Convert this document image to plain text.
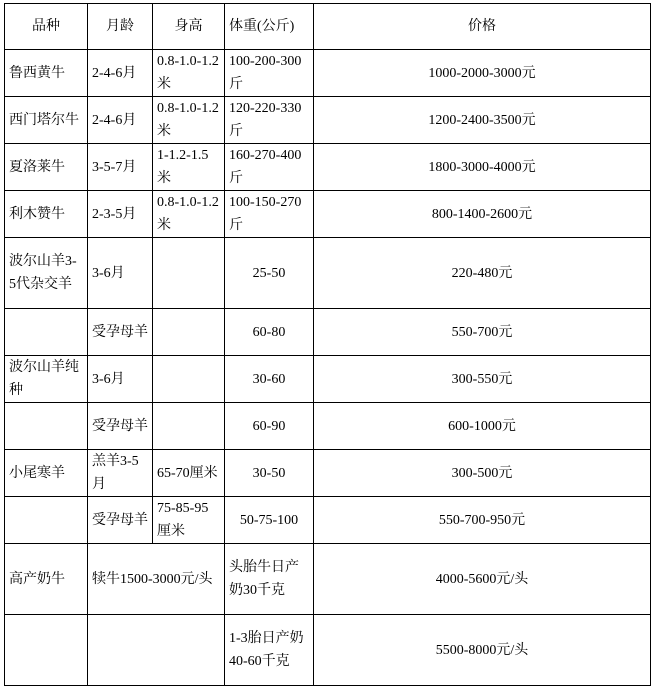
品种	月龄	身高	体重(公斤)	价格
鲁西黄牛	2-4-6月	0.8-1.0-1.2米	100-200-300斤	1000-2000-3000元
西门塔尔牛	2-4-6月	0.8-1.0-1.2米	120-220-330斤	1200-2400-3500元
夏洛莱牛	3-5-7月	1-1.2-1.5米	160-270-400斤	1800-3000-4000元
利木赞牛	2-3-5月	0.8-1.0-1.2米	100-150-270斤	800-1400-2600元
波尔山羊3-5代杂交羊	3-6月		25-50	220-480元
	受孕母羊		60-80	550-700元
波尔山羊纯种	3-6月		30-60	300-550元
	受孕母羊		60-90	600-1000元
小尾寒羊	羔羊3-5月	65-70厘米	30-50	300-500元
	受孕母羊	75-85-95厘米	50-75-100	550-700-950元
高产奶牛	犊牛1500-3000元/头		头胎牛日产奶30千克	4000-5600元/头
			1-3胎日产奶40-60千克	5500-8000元/头
